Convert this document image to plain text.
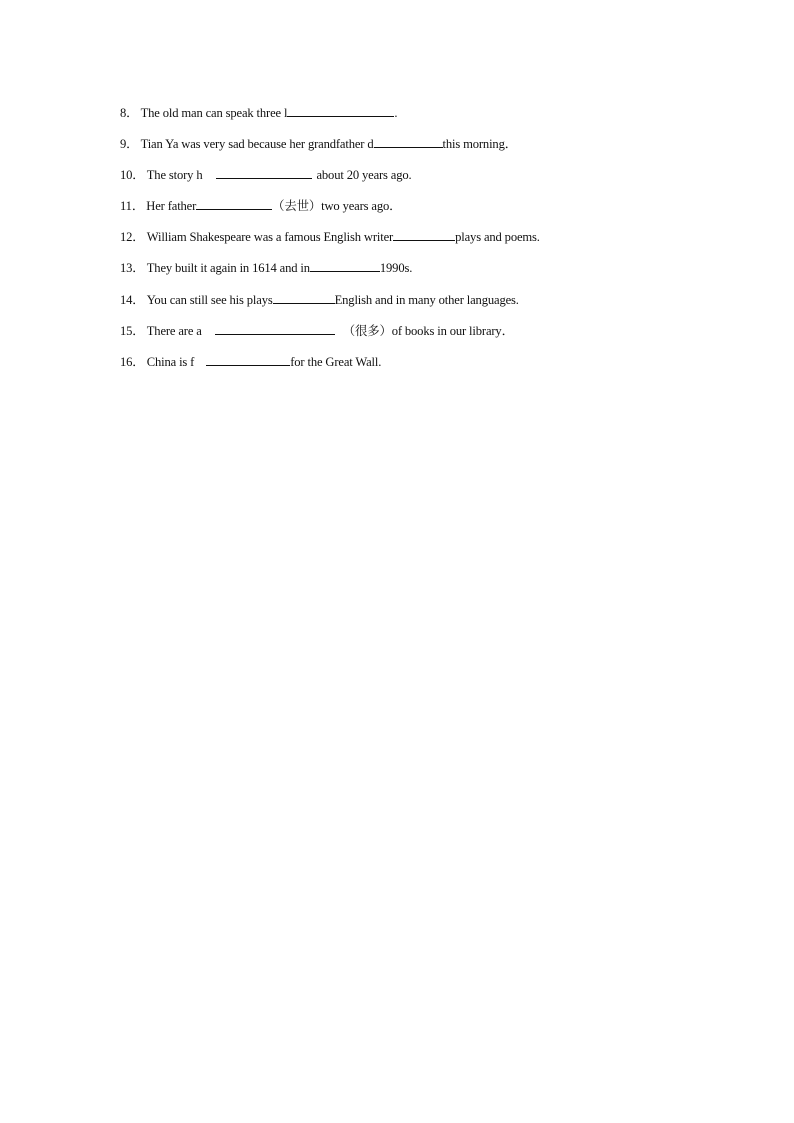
8． The old man can speak three l	.
9． Tian Ya was very sad because her grandfather d	this morning．
10． The story h	about 20 years ago.
11． Her father	（去世）two years ago．
12． William Shakespeare was a famous English writer	plays and poems.
13． They built it again in 1614 and in	1990s.
14． You can still see his plays	English and in many other languages.
15． There are a	（很多）of books in our library．
16． China is f	for the Great Wall.
